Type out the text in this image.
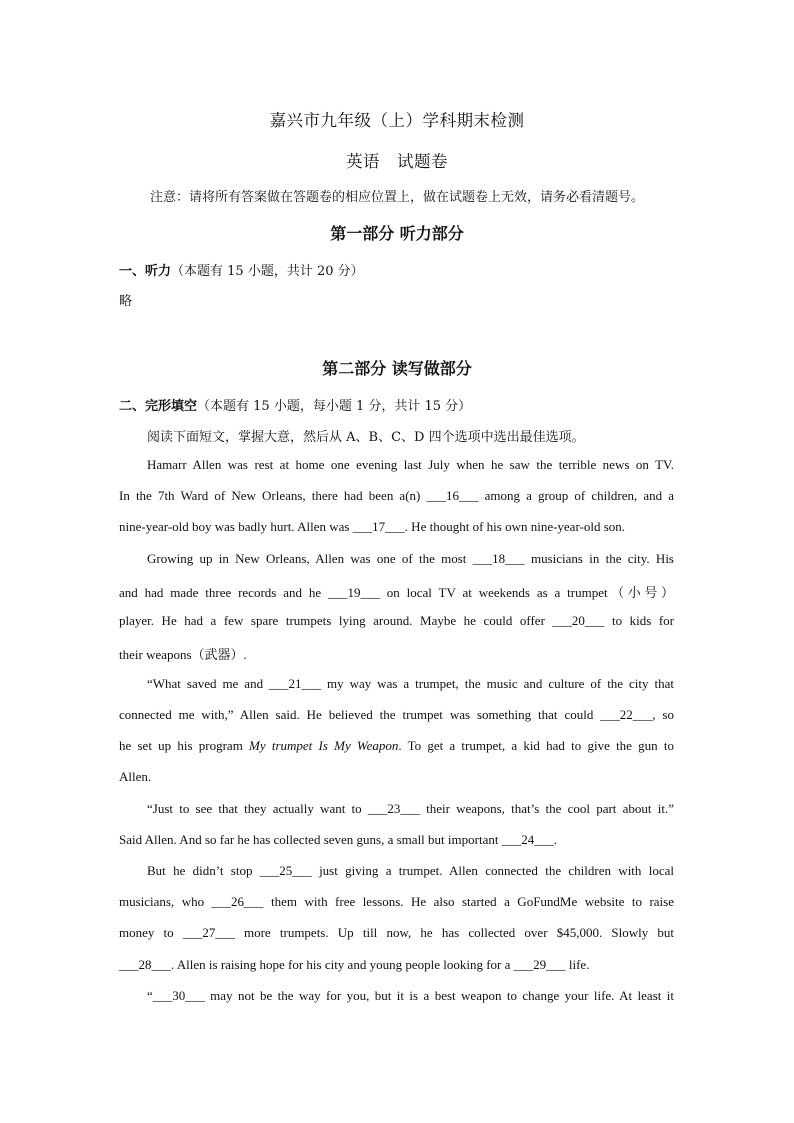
嘉兴市九年级（上）学科期末检测
英语　试题卷
注意：请将所有答案做在答题卷的相应位置上，做在试题卷上无效，请务必看清题号。
第一部分 听力部分
一、听力（本题有 15 小题，共计 20 分）
略
第二部分 读写做部分
二、完形填空（本题有 15 小题，每小题 1 分，共计 15 分）
阅读下面短文，掌握大意，然后从 A、B、C、D 四个选项中选出最佳选项。
Hamarr Allen was rest at home one evening last July when he saw the terrible news on TV.
In the 7th Ward of New Orleans, there had been a(n) ___16___ among a group of children, and a
nine-year-old boy was badly hurt. Allen was ___17___. He thought of his own nine-year-old son.
Growing up in New Orleans, Allen was one of the most ___18___ musicians in the city. His
and had made three records and he ___19___ on local TV at weekends as a trumpet（小号）
player. He had a few spare trumpets lying around. Maybe he could offer ___20___ to kids for
their weapons（武器）.
“What saved me and ___21___ my way was a trumpet, the music and culture of the city that
connected me with,” Allen said. He believed the trumpet was something that could ___22___, so
he set up his program My trumpet Is My Weapon. To get a trumpet, a kid had to give the gun to
Allen.
“Just to see that they actually want to ___23___ their weapons, that’s the cool part about it.”
Said Allen. And so far he has collected seven guns, a small but important ___24___.
But he didn’t stop ___25___ just giving a trumpet. Allen connected the children with local
musicians, who ___26___ them with free lessons. He also started a GoFundMe website to raise
money to ___27___ more trumpets. Up till now, he has collected over $45,000. Slowly but
___28___. Allen is raising hope for his city and young people looking for a ___29___ life.
“___30___ may not be the way for you, but it is a best weapon to change your life. At least it
